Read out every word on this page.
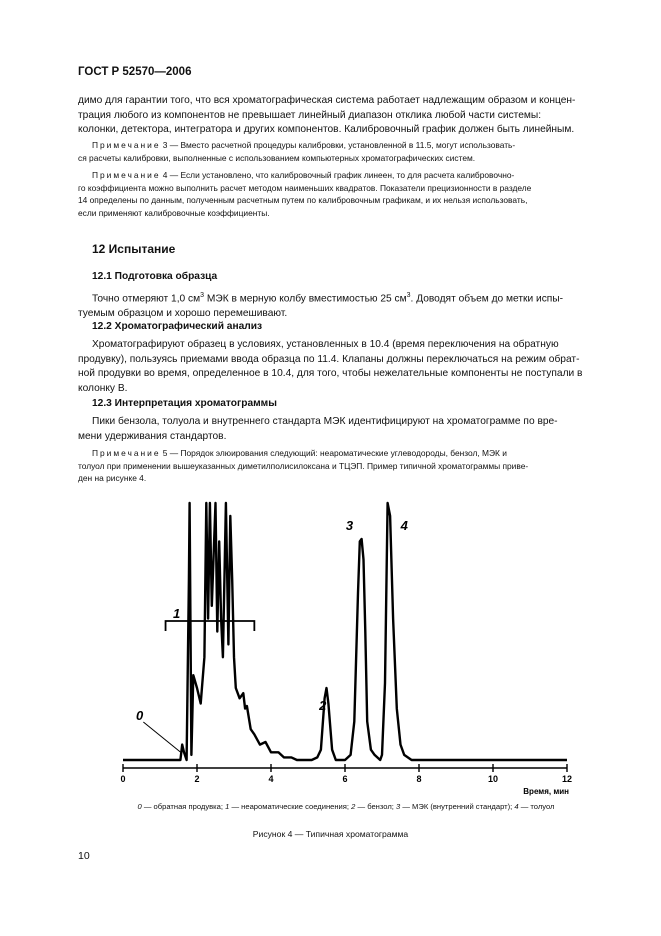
ГОСТ Р 52570—2006
димо для гарантии того, что вся хроматографическая система работает надлежащим образом и концен-
трация любого из компонентов не превышает линейный диапазон отклика любой части системы:
колонки, детектора, интегратора и других компонентов. Калибровочный график должен быть линейным.
Примечание 3 — Вместо расчетной процедуры калибровки, установленной в 11.5, могут использовать-
ся расчеты калибровки, выполненные с использованием компьютерных хроматографических систем.
Примечание 4 — Если установлено, что калибровочный график линеен, то для расчета калибровочно-
го коэффициента можно выполнить расчет методом наименьших квадратов. Показатели прецизионности в разделе
14 определены по данным, полученным расчетным путем по калибровочным графикам, и их нельзя использовать,
если применяют калибровочные коэффициенты.
12 Испытание
12.1 Подготовка образца
Точно отмеряют 1,0 $см^3$ МЭК в мерную колбу вместимостью 25 $см^3$. Доводят объем до метки испы-
туемым образцом и хорошо перемешивают.
12.2 Хроматографический анализ
Хроматографируют образец в условиях, установленных в 10.4 (время переключения на обратную
продувку), пользуясь приемами ввода образца по 11.4. Клапаны должны переключаться на режим обрат-
ной продувки во время, определенное в 10.4, для того, чтобы нежелательные компоненты не поступали в
колонку В.
12.3 Интерпретация хроматограммы
Пики бензола, толуола и внутреннего стандарта МЭК идентифицируют на хроматограмме по вре-
мени удерживания стандартов.
Примечание 5 — Порядок элюирования следующий: неароматические углеводороды, бензол, МЭК и
толуол при применении вышеуказанных диметилполисилоксана и ТЦЭП. Пример типичной хроматограммы приве-
ден на рисунке 4.
0	2	4	6	8	10	12
Время, мин
0
1
2
3	4
0 — обратная продувка; 1 — неароматические соединения; 2 — бензол; 3 — МЭК (внутренний стандарт); 4 — толуол
Рисунок 4 — Типичная хроматограмма
10
